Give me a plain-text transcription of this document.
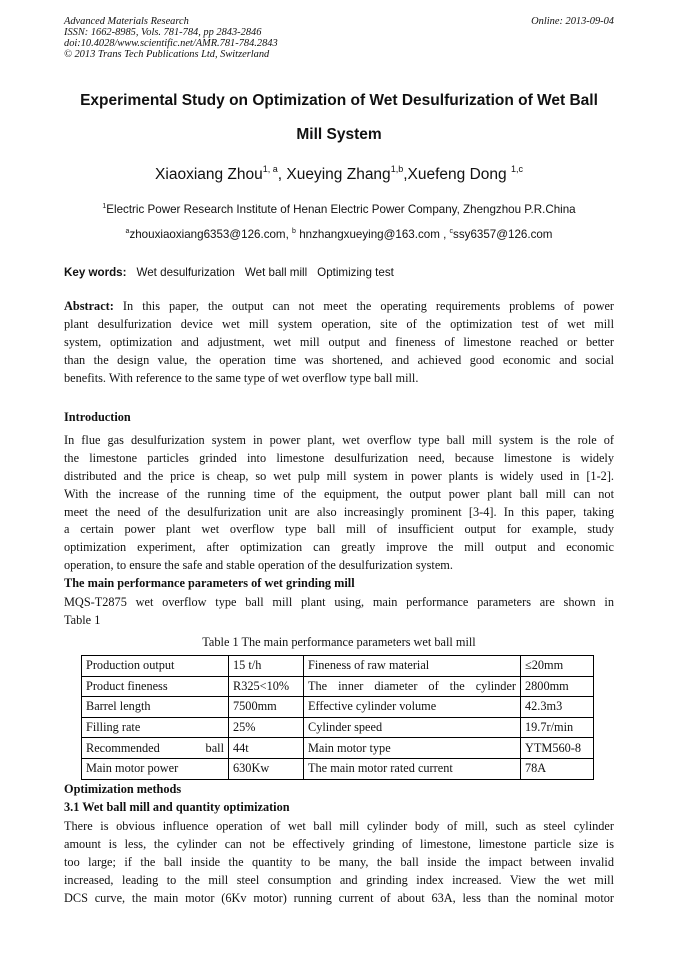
Advanced Materials Research
ISSN: 1662-8985, Vols. 781-784, pp 2843-2846
doi:10.4028/www.scientific.net/AMR.781-784.2843
© 2013 Trans Tech Publications Ltd, Switzerland
Online: 2013-09-04
Experimental Study on Optimization of Wet Desulfurization of Wet Ball
Mill System
Xiaoxiang Zhou$^{1, a}$, Xueying Zhang$^{1,b}$,Xuefeng Dong $^{1,c}$
$^1$Electric Power Research Institute of Henan Electric Power Company, Zhengzhou P.R.China
$^a$zhouxiaoxiang6353@126.com, $^b$ hnzhangxueying@163.com , $^c$ssy6357@126.com
Key words: Wet desulfurization Wet ball mill Optimizing test
Abstract: In this paper, the output can not meet the operating requirements problems of power
plant desulfurization device wet mill system operation, site of the optimization test of wet mill
system, optimization and adjustment, wet mill output and fineness of limestone reached or better
than the design value, the operation time was shortened, and achieved good economic and social
benefits. With reference to the same type of wet overflow type ball mill.
Introduction
In flue gas desulfurization system in power plant, wet overflow type ball mill system is the role of
the limestone particles grinded into limestone desulfurization need, because limestone is widely
distributed and the price is cheap, so wet pulp mill system in power plants is widely used in [1-2].
With the increase of the running time of the equipment, the output power plant ball mill can not
meet the need of the desulfurization unit are also increasingly prominent [3-4]. In this paper, taking
a certain power plant wet overflow type ball mill of insufficient output for example, study
optimization experiment, after optimization can greatly improve the mill output and economic
operation, to ensure the safe and stable operation of the desulfurization system.
The main performance parameters of wet grinding mill
MQS-T2875 wet overflow type ball mill plant using, main performance parameters are shown in
Table 1
Table 1 The main performance parameters wet ball mill
Production output	15 t/h	Fineness of raw material	≤20mm
Product fineness	R325<10%	The inner diameter of the cylinder	2800mm
Barrel length	7500mm	Effective cylinder volume	42.3m3
Filling rate	25%	Cylinder speed	19.7r/min
Recommended ball	44t	Main motor type	YTM560-8
Main motor power	630Kw	The main motor rated current	78A
Optimization methods
3.1 Wet ball mill and quantity optimization
There is obvious influence operation of wet ball mill cylinder body of mill, such as steel cylinder
amount is less, the cylinder can not be effectively grinding of limestone, limestone particle size is
too large; if the ball inside the quantity to be many, the ball inside the impact between invalid
increased, leading to the mill steel consumption and grinding index increased. View the wet mill
DCS curve, the main motor (6Kv motor) running current of about 63A, less than the nominal motor
